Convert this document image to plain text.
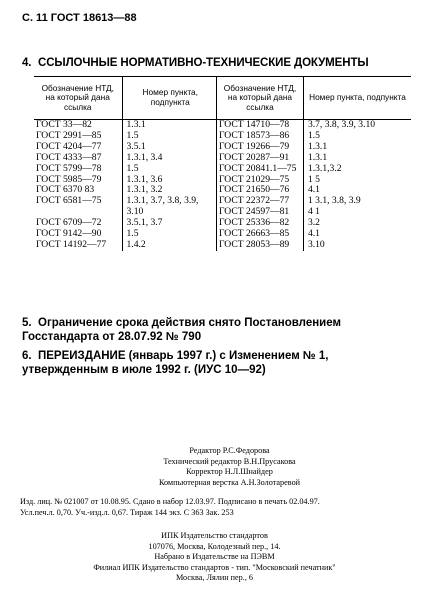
С. 11 ГОСТ 18613—88
4. ССЫЛОЧНЫЕ НОРМАТИВНО-ТЕХНИЧЕСКИЕ ДОКУМЕНТЫ
Обозначение НТД, на который дана ссылка	Номер пункта, подпункта
ГОСТ 33—82	1.3.1
ГОСТ 2991—85	1.5
ГОСТ 4204—77	3.5.1
ГОСТ 4333—87	1.3.1, 3.4
ГОСТ 5799—78	1.5
ГОСТ 5985—79	1.3.1, 3.6
ГОСТ 6370 83	1.3.1, 3.2
ГОСТ 6581—75	1.3.1, 3.7, 3.8, 3.9,
	3.10
ГОСТ 6709—72	3.5.1, 3.7
ГОСТ 9142—90	1.5
ГОСТ 14192—77	1.4.2
Обозначение НТД, на который дана ссылка	Номер пункта, подпункта
ГОСТ 14710—78	3.7, 3.8, 3.9, 3.10
ГОСТ 18573—86	1.5
ГОСТ 19266—79	1.3.1
ГОСТ 20287—91	1.3.1
ГОСТ 20841.1—75	1.3.1,3.2
ГОСТ 21029—75	1 5
ГОСТ 21650—76	4.1
ГОСТ 22372—77	1 3.1, 3.8, 3.9
ГОСТ 24597—81	4 1
ГОСТ 25336—82	3.2
ГОСТ 26663—85	4.1
ГОСТ 28053—89	3.10
5. Ограничение срока действия снято Постановлением Госстандарта от 28.07.92 № 790
6. ПЕРЕИЗДАНИЕ (январь 1997 г.) с Изменением № 1, утвержденным в июле 1992 г. (ИУС 10—92)
Редактор Р.С.Федорова
Технический редактор В.Н.Прусакова
Корректор Н.Л.Шнайдер
Компьютерная верстка А.Н.Золотаревой
Изд. лиц. № 021007 от 10.08.95. Сдано в набор 12.03.97. Подписано в печать 02.04.97.
Усл.печ.л. 0,70. Уч.-изд.л. 0,67. Тираж 144 экз. С 363 Зак. 253
ИПК Издательство стандартов
107076, Москва, Колодезный пер., 14.
Набрано в Издательстве на ПЭВМ
Филиал ИПК Издательство стандартов - тип. "Московский печатник"
Москва, Лялин пер., 6
